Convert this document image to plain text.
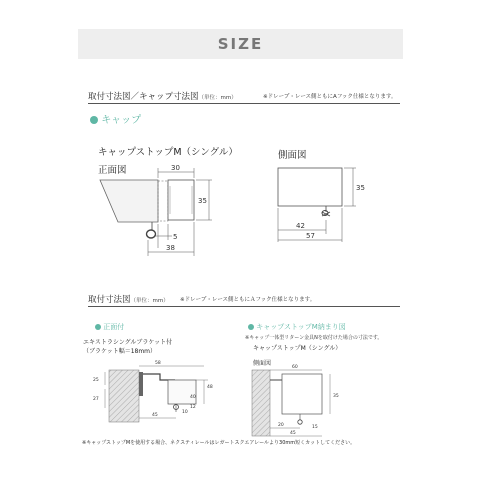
SIZE
取付寸法図／キャップ寸法図（単位：mm）	※ドレープ・レース側ともにAフック仕様となります。
キャップ
キャップストップM（シングル）
正面図
側面図
30
35
5
38
35
42
57
取付寸法図（単位：mm） ※ドレープ・レース側ともにＡフック仕様となります。
正面付
エキストラシングルブラケット付
（ブラケット幅＝18mm）
58
25
48
27
45
40
12
10
キャップストップM納まり図
※キャップ一体型リターン金具Nを取付けた場合の寸法です。
キャップストップM（シングル）
側面図
60
35
20
45
15
※キャップストップMを使用する場合、ネクスティレールはレガートスクエアレールより30mm短くカットしてください。
